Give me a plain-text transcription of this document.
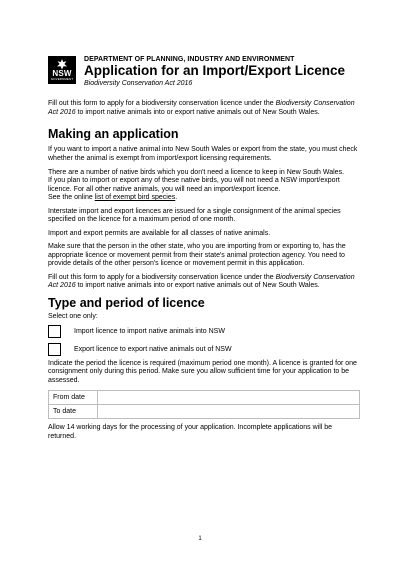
NSW
GOVERNMENT
DEPARTMENT OF PLANNING, INDUSTRY AND ENVIRONMENT
Application for an Import/Export Licence
Biodiversity Conservation Act 2016

Fill out this form to apply for a biodiversity conservation licence under the Biodiversity Conservation Act 2016 to import native animals into or export native animals out of New South Wales.

Making an application

If you want to import a native animal into New South Wales or export from the state, you must check whether the animal is exempt from import/export licensing requirements.

There are a number of native birds which you don't need a licence to keep in New South Wales.
If you plan to import or export any of these native birds, you will not need a NSW import/export licence. For all other native animals, you will need an import/export licence.
See the online list of exempt bird species.

Interstate import and export licences are issued for a single consignment of the animal species specified on the licence for a maximum period of one month.

Import and export permits are available for all classes of native animals.

Make sure that the person in the other state, who you are importing from or exporting to, has the appropriate licence or movement permit from their state's animal protection agency. You need to provide details of the other person's licence or movement permit in this application.

Fill out this form to apply for a biodiversity conservation licence under the Biodiversity Conservation Act 2016 to import native animals into or export native animals out of New South Wales.

Type and period of licence

Select one only:

Import licence to import native animals into NSW
Export licence to export native animals out of NSW

Indicate the period the licence is required (maximum period one month). A licence is granted for one consignment only during this period. Make sure you allow sufficient time for your application to be assessed.

From date	
To date	

Allow 14 working days for the processing of your application. Incomplete applications will be returned.

1
